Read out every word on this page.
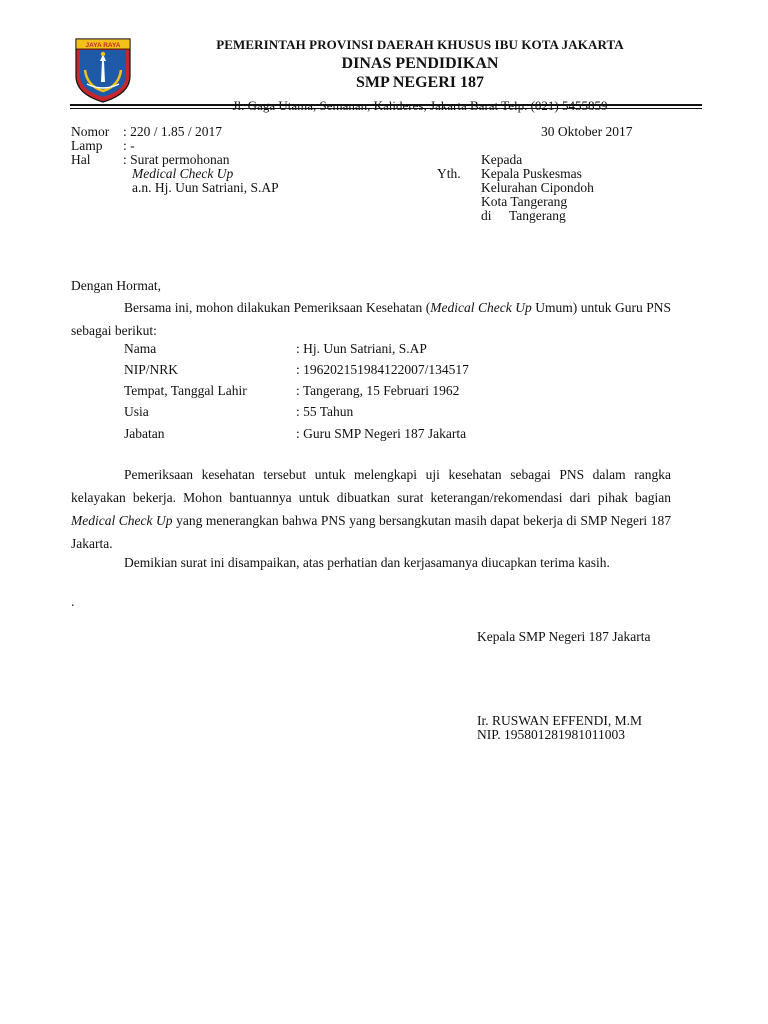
JAYA RAYA	PEMERINTAH PROVINSI DAERAH KHUSUS IBU KOTA JAKARTA
DINAS PENDIDIKAN
SMP NEGERI 187
Jl. Gaga Utama, Semanan, Kalideres, Jakarta Barat Telp. (021) 5455859
Nomor : 220 / 1.85 / 2017
Lamp : -
Hal : Surat permohonan
Medical Check Up
a.n. Hj. Uun Satriani, S.AP
30 Oktober 2017
Kepada
Yth. Kepala Puskesmas
Kelurahan Cipondoh
Kota Tangerang
di Tangerang
Dengan Hormat,
Bersama ini, mohon dilakukan Pemeriksaan Kesehatan (Medical Check Up Umum) untuk Guru PNS sebagai berikut:
Nama	: Hj. Uun Satriani, S.AP
NIP/NRK	: 196202151984122007/134517
Tempat, Tanggal Lahir	: Tangerang, 15 Februari 1962
Usia	: 55 Tahun
Jabatan	: Guru SMP Negeri 187 Jakarta
Pemeriksaan kesehatan tersebut untuk melengkapi uji kesehatan sebagai PNS dalam rangka kelayakan bekerja. Mohon bantuannya untuk dibuatkan surat keterangan/rekomendasi dari pihak bagian Medical Check Up yang menerangkan bahwa PNS yang bersangkutan masih dapat bekerja di SMP Negeri 187 Jakarta.
Demikian surat ini disampaikan, atas perhatian dan kerjasamanya diucapkan terima kasih.
.
Kepala SMP Negeri 187 Jakarta
Ir. RUSWAN EFFENDI, M.M
NIP. 195801281981011003
